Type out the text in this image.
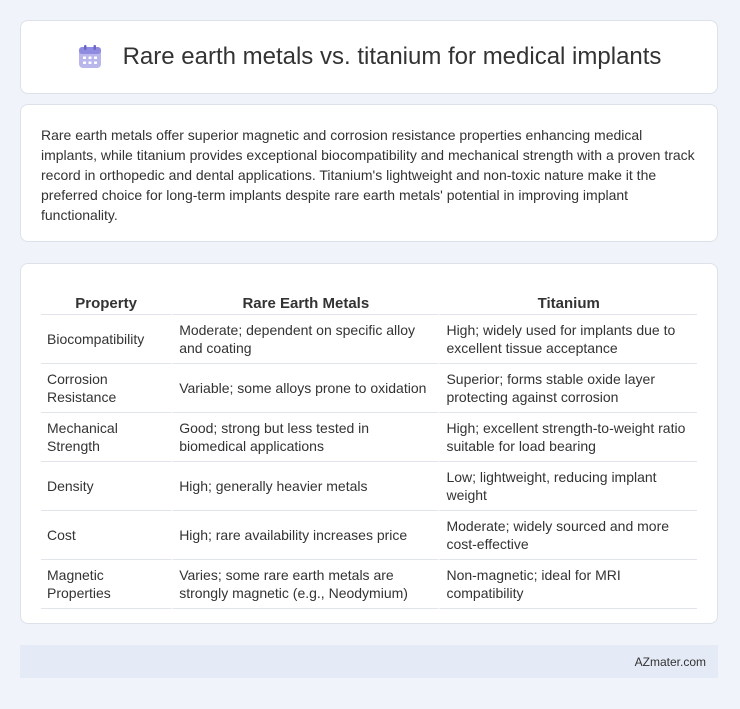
Rare earth metals vs. titanium for medical implants

Rare earth metals offer superior magnetic and corrosion resistance properties enhancing medical implants, while titanium provides exceptional biocompatibility and mechanical strength with a proven track record in orthopedic and dental applications. Titanium's lightweight and non-toxic nature make it the preferred choice for long-term implants despite rare earth metals' potential in improving implant functionality.

Property	Rare Earth Metals	Titanium
Biocompatibility	Moderate; dependent on specific alloy and coating	High; widely used for implants due to excellent tissue acceptance
Corrosion Resistance	Variable; some alloys prone to oxidation	Superior; forms stable oxide layer protecting against corrosion
Mechanical Strength	Good; strong but less tested in biomedical applications	High; excellent strength-to-weight ratio suitable for load bearing
Density	High; generally heavier metals	Low; lightweight, reducing implant weight
Cost	High; rare availability increases price	Moderate; widely sourced and more cost-effective
Magnetic Properties	Varies; some rare earth metals are strongly magnetic (e.g., Neodymium)	Non-magnetic; ideal for MRI compatibility
AZmater.com
